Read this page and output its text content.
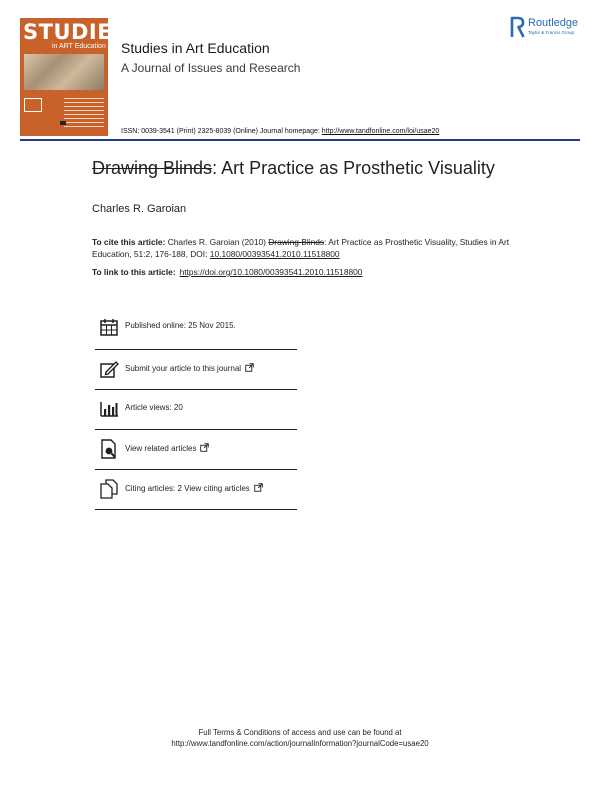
STUDIES
in ART Education Studies in Art Education
A Journal of Issues and Research
Routledge
Taylor & Francis Group
ISSN: 0039-3541 (Print) 2325-8039 (Online) Journal homepage: http://www.tandfonline.com/loi/usae20
Drawing Blinds: Art Practice as Prosthetic Visuality
Charles R. Garoian
To cite this article: Charles R. Garoian (2010) Drawing Blinds: Art Practice as Prosthetic Visuality, Studies in Art Education, 51:2, 176-188, DOI: 10.1080/00393541.2010.11518800
To link to this article: https://doi.org/10.1080/00393541.2010.11518800
Published online: 25 Nov 2015.
Submit your article to this journal
Article views: 20
View related articles
Citing articles: 2 View citing articles
Full Terms & Conditions of access and use can be found at
http://www.tandfonline.com/action/journalInformation?journalCode=usae20
